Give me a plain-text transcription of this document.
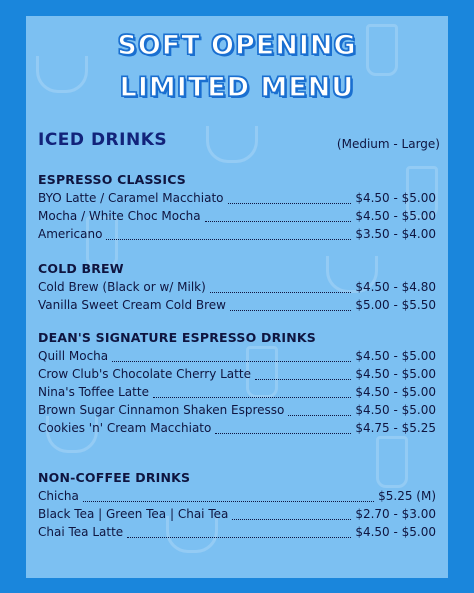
SOFT OPENING
LIMITED MENU
ICED DRINKS	(Medium - Large)
ESPRESSO CLASSICS
BYO Latte / Caramel Macchiato	$4.50 - $5.00
Mocha / White Choc Mocha	$4.50 - $5.00
Americano	$3.50 - $4.00
COLD BREW
Cold Brew (Black or w/ Milk)	$4.50 - $4.80
Vanilla Sweet Cream Cold Brew	$5.00 - $5.50
DEAN'S SIGNATURE ESPRESSO DRINKS
Quill Mocha	$4.50 - $5.00
Crow Club's Chocolate Cherry Latte	$4.50 - $5.00
Nina's Toffee Latte	$4.50 - $5.00
Brown Sugar Cinnamon Shaken Espresso	$4.50 - $5.00
Cookies 'n' Cream Macchiato	$4.75 - $5.25
NON-COFFEE DRINKS
Chicha	$5.25 (M)
Black Tea | Green Tea | Chai Tea	$2.70 - $3.00
Chai Tea Latte	$4.50 - $5.00
